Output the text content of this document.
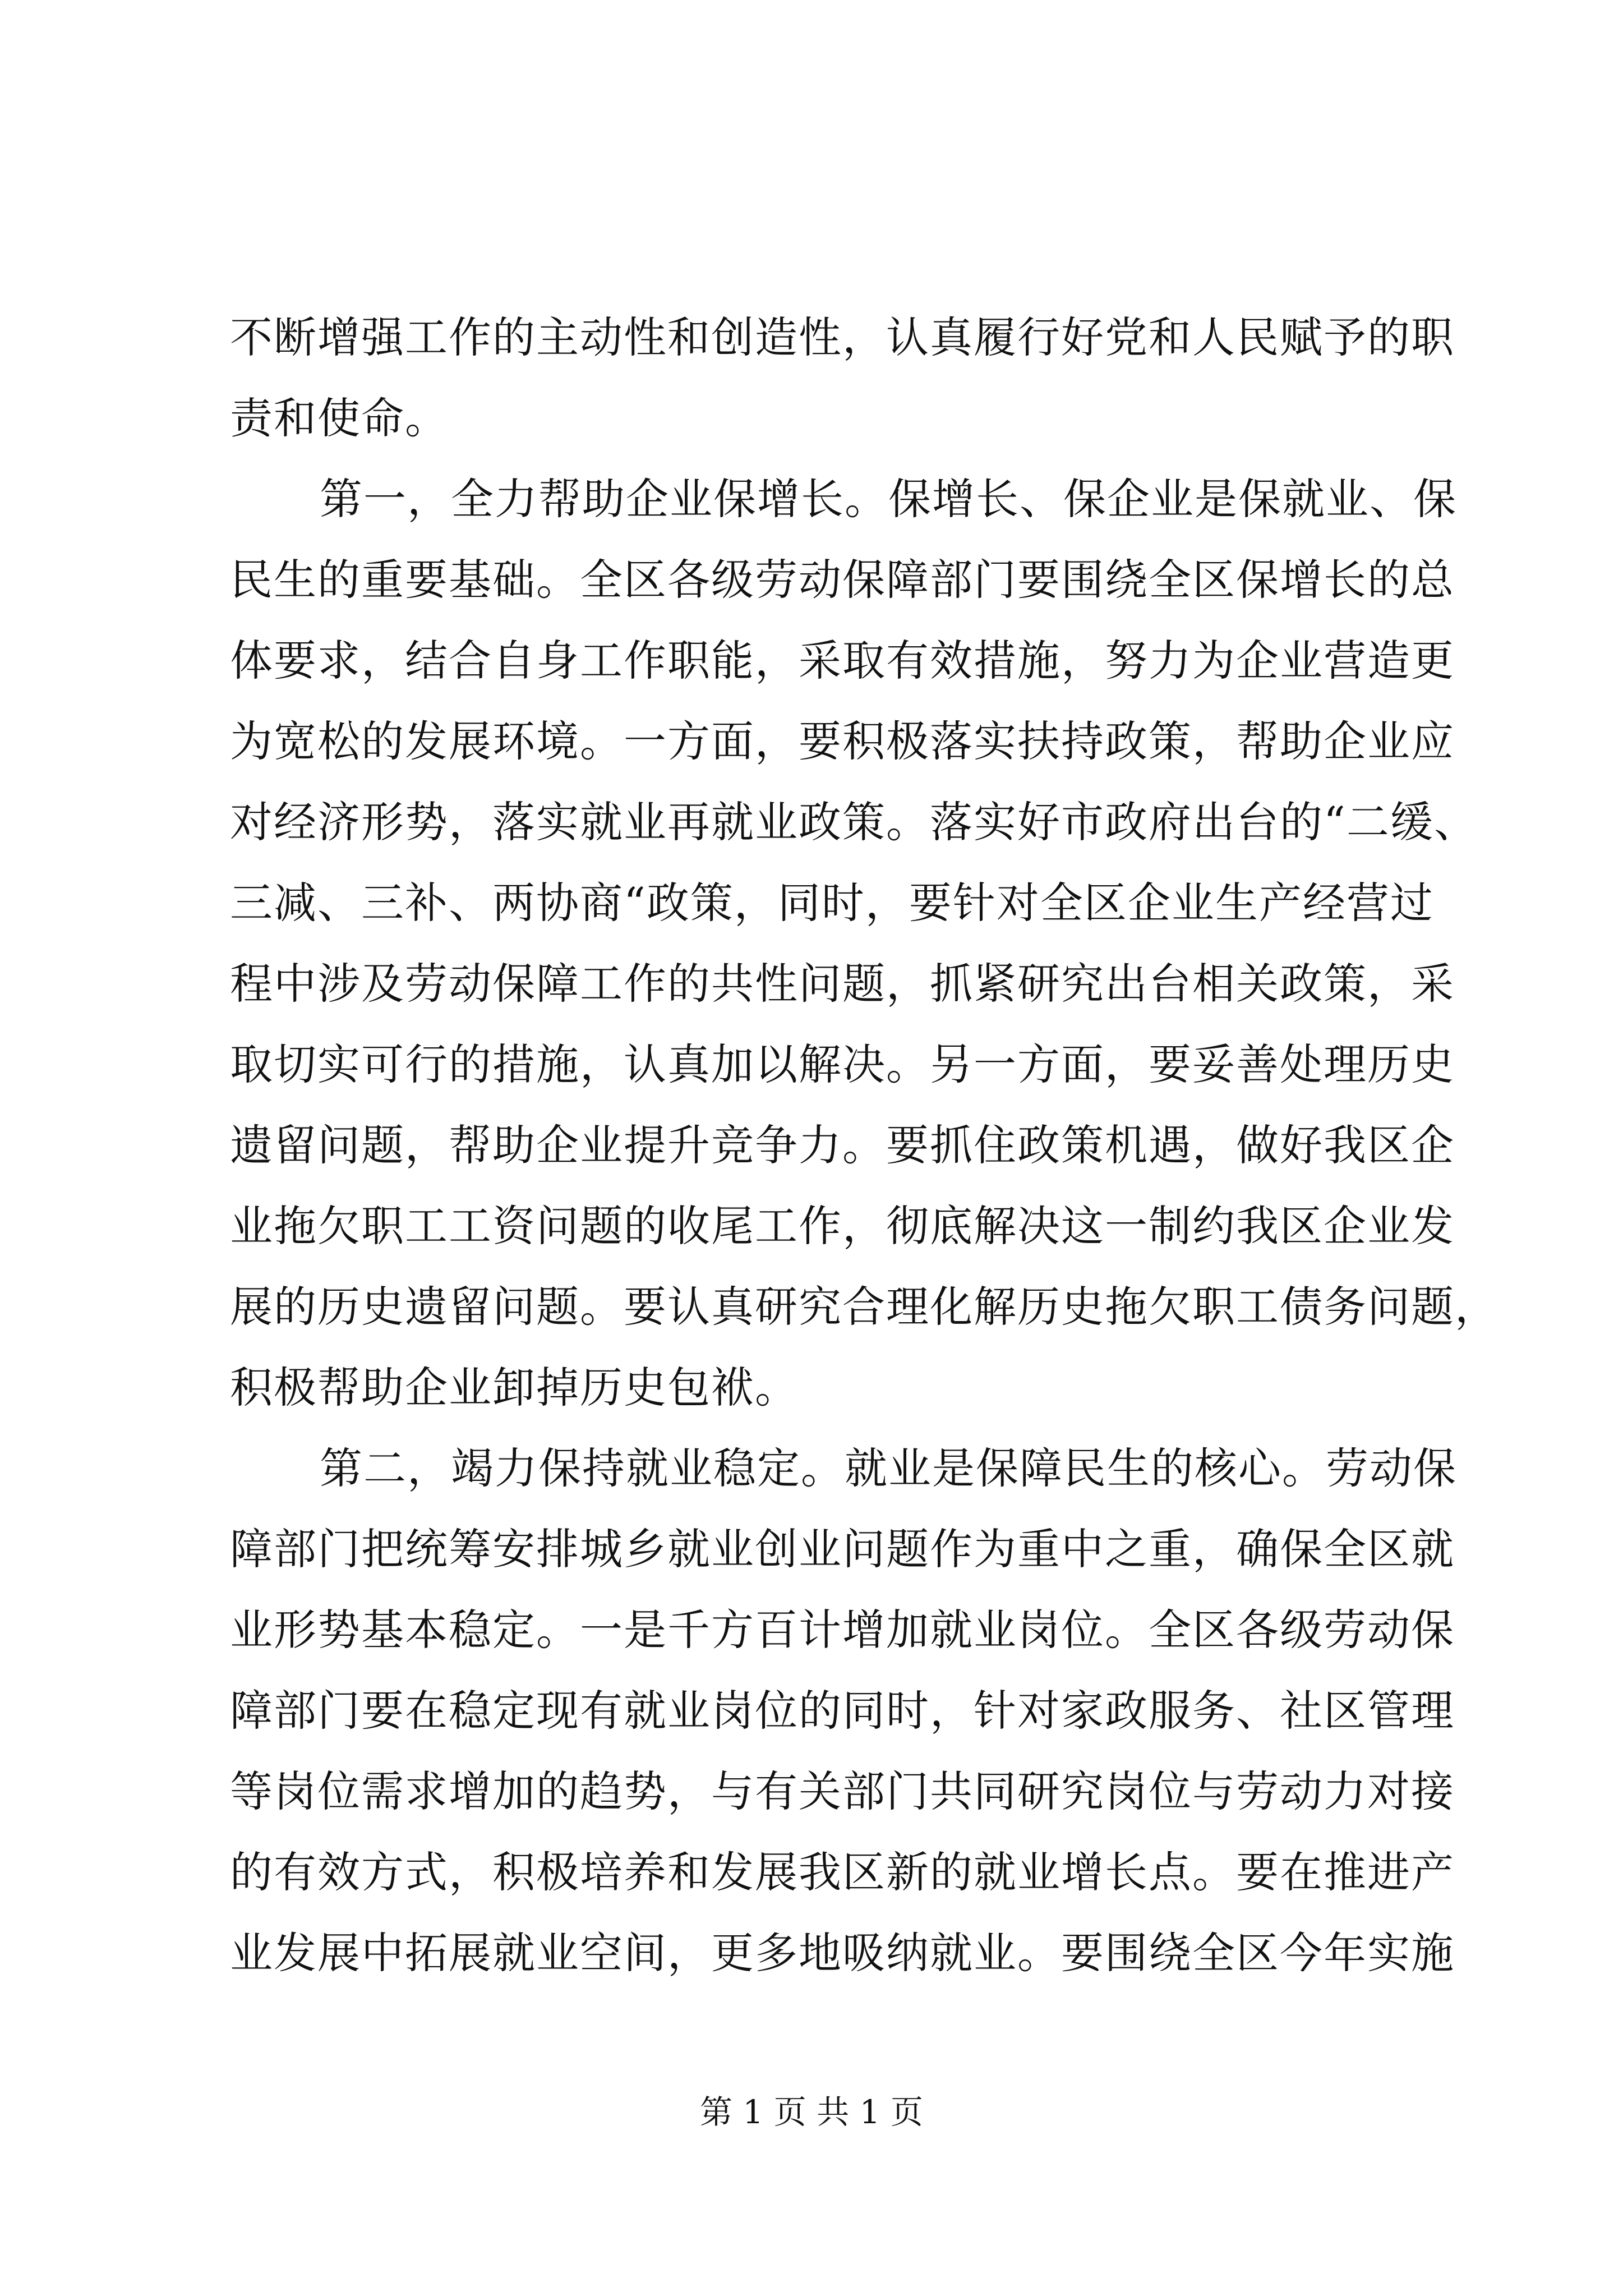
不断增强工作的主动性和创造性，认真履行好党和人民赋予的职
责和使命。
第一，全力帮助企业保增长。保增长、保企业是保就业、保
民生的重要基础。全区各级劳动保障部门要围绕全区保增长的总
体要求，结合自身工作职能，采取有效措施，努力为企业营造更
为宽松的发展环境。一方面，要积极落实扶持政策，帮助企业应
对经济形势，落实就业再就业政策。落实好市政府出台的“二缓、
三减、三补、两协商“政策，同时，要针对全区企业生产经营过
程中涉及劳动保障工作的共性问题，抓紧研究出台相关政策，采
取切实可行的措施，认真加以解决。另一方面，要妥善处理历史
遗留问题，帮助企业提升竞争力。要抓住政策机遇，做好我区企
业拖欠职工工资问题的收尾工作，彻底解决这一制约我区企业发
展的历史遗留问题。要认真研究合理化解历史拖欠职工债务问题，
积极帮助企业卸掉历史包袱。
第二，竭力保持就业稳定。就业是保障民生的核心。劳动保
障部门把统筹安排城乡就业创业问题作为重中之重，确保全区就
业形势基本稳定。一是千方百计增加就业岗位。全区各级劳动保
障部门要在稳定现有就业岗位的同时，针对家政服务、社区管理
等岗位需求增加的趋势，与有关部门共同研究岗位与劳动力对接
的有效方式，积极培养和发展我区新的就业增长点。要在推进产
业发展中拓展就业空间，更多地吸纳就业。要围绕全区今年实施
第 1 页 共 1 页
